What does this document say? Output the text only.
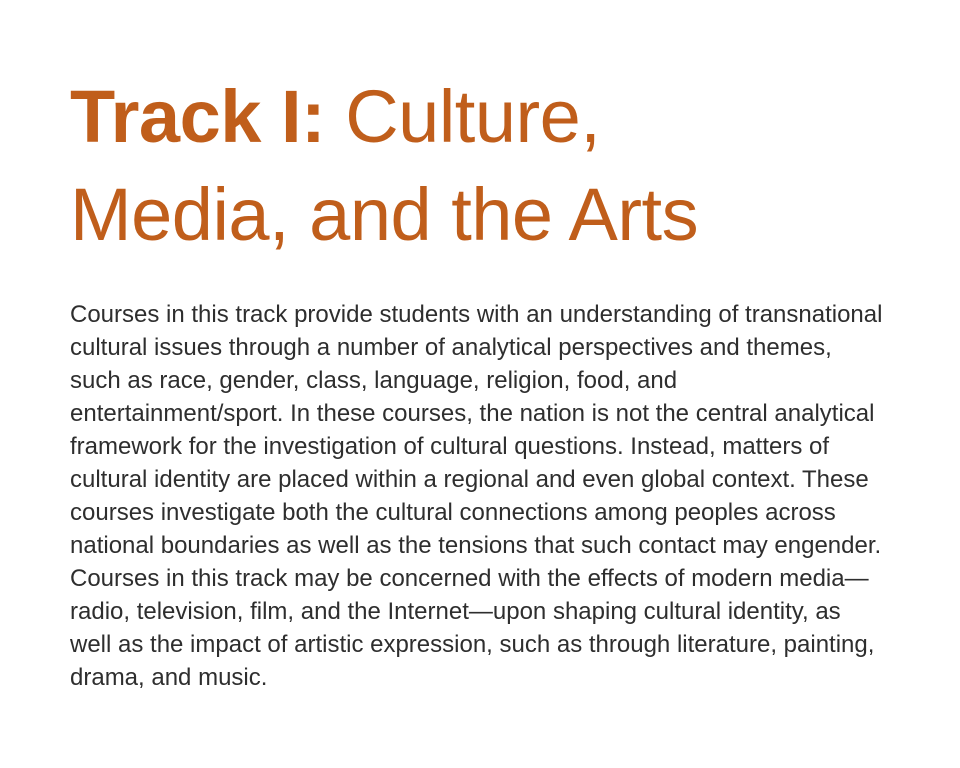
Track I: Culture,
Media, and the Arts

Courses in this track provide students with an understanding of transnational cultural issues through a number of analytical perspectives and themes, such as race, gender, class, language, religion, food, and entertainment/sport. In these courses, the nation is not the central analytical framework for the investigation of cultural questions. Instead, matters of cultural identity are placed within a regional and even global context. These courses investigate both the cultural connections among peoples across national boundaries as well as the tensions that such contact may engender. Courses in this track may be concerned with the effects of modern media—radio, television, film, and the Internet—upon shaping cultural identity, as well as the impact of artistic expression, such as through literature, painting, drama, and music.
